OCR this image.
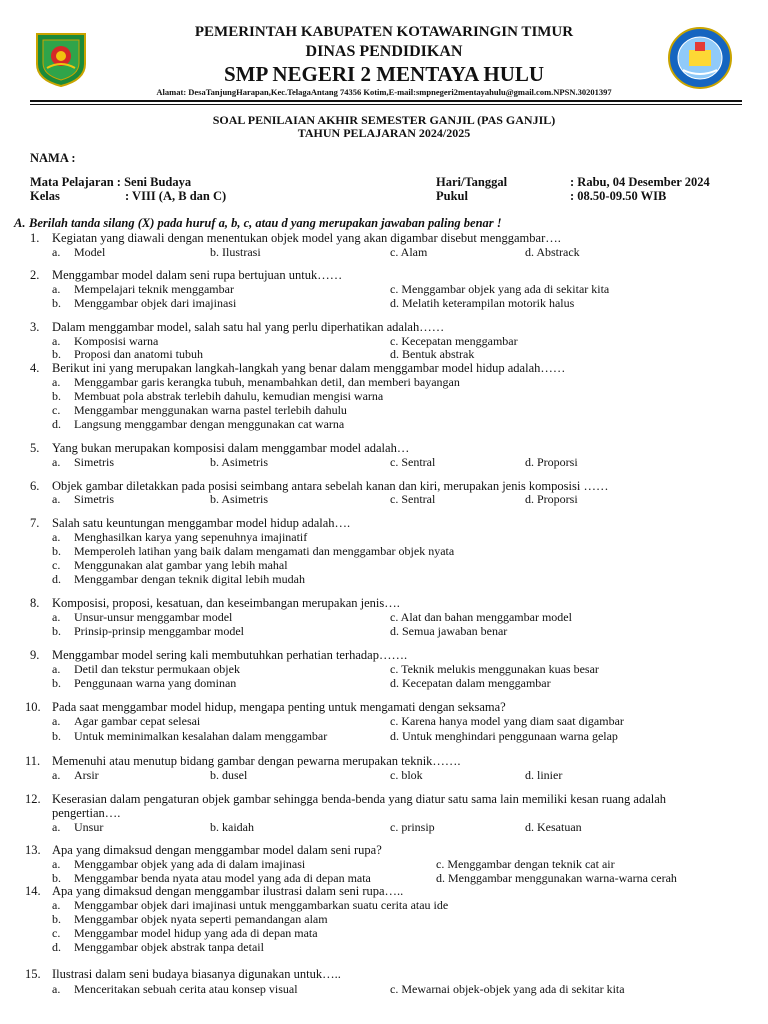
PEMERINTAH KABUPATEN KOTAWARINGIN TIMUR
DINAS PENDIDIKAN
SMP NEGERI 2 MENTAYA HULU
Alamat: DesaTanjungHarapan,Kec.TelagaAntang 74356 Kotim,E-mail:smpnegeri2mentayahulu@gmail.com.NPSN.30201397
SOAL PENILAIAN AKHIR SEMESTER GANJIL (PAS GANJIL)
TAHUN PELAJARAN 2024/2025
NAMA :
Mata Pelajaran : Seni Budaya
Kelas	: VIII (A, B dan C)
Hari/Tanggal	: Rabu, 04 Desember 2024
Pukul	: 08.50-09.50 WIB
A. Berilah tanda silang (X) pada huruf a, b, c, atau d yang merupakan jawaban paling benar !
1. Kegiatan yang diawali dengan menentukan objek model yang akan digambar disebut menggambar….
a. Model	b. Ilustrasi	c. Alam	d. Abstrack
2. Menggambar model dalam seni rupa bertujuan untuk……
a. Mempelajari teknik menggambar	c. Menggambar objek yang ada di sekitar kita
b. Menggambar objek dari imajinasi	d. Melatih keterampilan motorik halus
3. Dalam menggambar model, salah satu hal yang perlu diperhatikan adalah……
a. Komposisi warna	c. Kecepatan menggambar
b. Proposi dan anatomi tubuh	d. Bentuk abstrak
4. Berikut ini yang merupakan langkah-langkah yang benar dalam menggambar model hidup adalah……
a. Menggambar garis kerangka tubuh, menambahkan detil, dan memberi bayangan
b. Membuat pola abstrak terlebih dahulu, kemudian mengisi warna
c. Menggambar menggunakan warna pastel terlebih dahulu
d. Langsung menggambar dengan menggunakan cat warna
5. Yang bukan merupakan komposisi dalam menggambar model adalah…
a. Simetris	b. Asimetris	c. Sentral	d. Proporsi
6. Objek gambar diletakkan pada posisi seimbang antara sebelah kanan dan kiri, merupakan jenis komposisi ……
a. Simetris	b. Asimetris	c. Sentral	d. Proporsi
7. Salah satu keuntungan menggambar model hidup adalah….
a. Menghasilkan karya yang sepenuhnya imajinatif
b. Memperoleh latihan yang baik dalam mengamati dan menggambar objek nyata
c. Menggunakan alat gambar yang lebih mahal
d. Menggambar dengan teknik digital lebih mudah
8. Komposisi, proposi, kesatuan, dan keseimbangan merupakan jenis….
a. Unsur-unsur menggambar model	c. Alat dan bahan menggambar model
b. Prinsip-prinsip menggambar model	d. Semua jawaban benar
9. Menggambar model sering kali membutuhkan perhatian terhadap…….
a. Detil dan tekstur permukaan objek	c. Teknik melukis menggunakan kuas besar
b. Penggunaan warna yang dominan	d. Kecepatan dalam menggambar
10. Pada saat menggambar model hidup, mengapa penting untuk mengamati dengan seksama?
a. Agar gambar cepat selesai	c. Karena hanya model yang diam saat digambar
b. Untuk meminimalkan kesalahan dalam menggambar	d. Untuk menghindari penggunaan warna gelap
11. Memenuhi atau menutup bidang gambar dengan pewarna merupakan teknik…….
a. Arsir	b. dusel	c. blok	d. linier
12. Keserasian dalam pengaturan objek gambar sehingga benda-benda yang diatur satu sama lain memiliki kesan ruang adalah
pengertian….
a. Unsur	b. kaidah	c. prinsip	d. Kesatuan
13. Apa yang dimaksud dengan menggambar model dalam seni rupa?
a. Menggambar objek yang ada di dalam imajinasi	c. Menggambar dengan teknik cat air
b. Menggambar benda nyata atau model yang ada di depan mata	d. Menggambar menggunakan warna-warna cerah
14. Apa yang dimaksud dengan menggambar ilustrasi dalam seni rupa…..
a. Menggambar objek dari imajinasi untuk menggambarkan suatu cerita atau ide
b. Menggambar objek nyata seperti pemandangan alam
c. Menggambar model hidup yang ada di depan mata
d. Menggambar objek abstrak tanpa detail
15. Ilustrasi dalam seni budaya biasanya digunakan untuk…..
a. Menceritakan sebuah cerita atau konsep visual	c. Mewarnai objek-objek yang ada di sekitar kita
